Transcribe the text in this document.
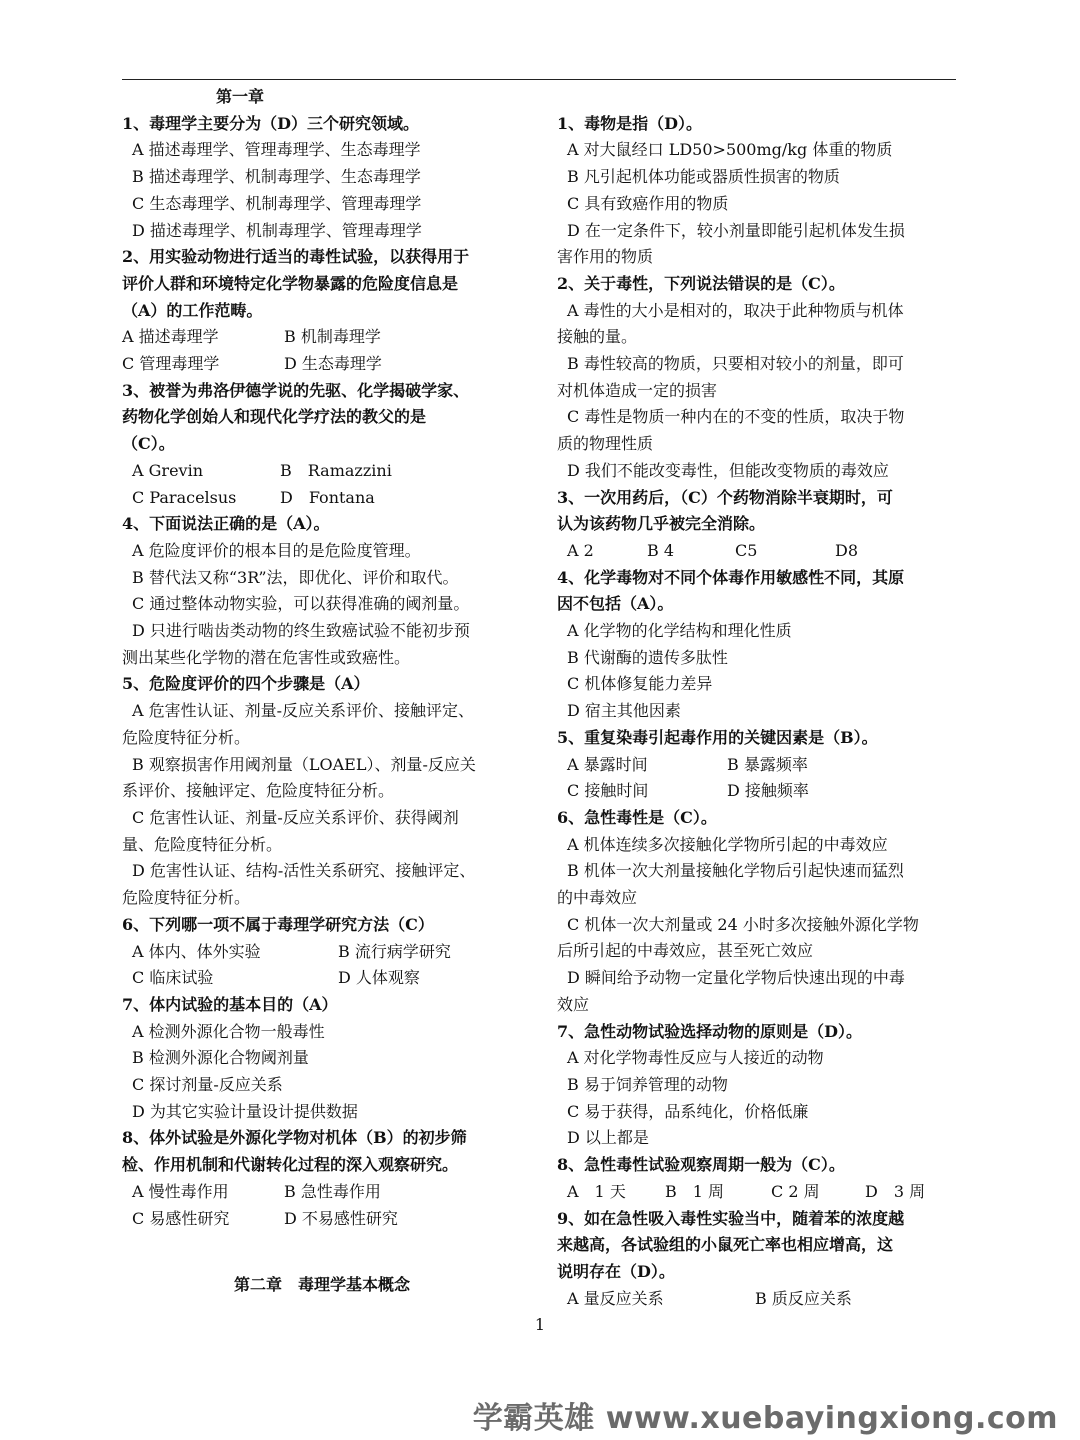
第一章
1、毒理学主要分为（D）三个研究领域。
A 描述毒理学、管理毒理学、生态毒理学
B 描述毒理学、机制毒理学、生态毒理学
C 生态毒理学、机制毒理学、管理毒理学
D 描述毒理学、机制毒理学、管理毒理学
2、用实验动物进行适当的毒性试验，以获得用于
评价人群和环境特定化学物暴露的危险度信息是
（A）的工作范畴。
A 描述毒理学	B 机制毒理学
C 管理毒理学	D 生态毒理学
3、被誉为弗洛伊德学说的先驱、化学揭破学家、
药物化学创始人和现代化学疗法的教父的是
（C）。
A Grevin	B　Ramazzini
C Paracelsus	D　Fontana
4、下面说法正确的是（A）。
A 危险度评价的根本目的是危险度管理。
B 替代法又称“3R”法，即优化、评价和取代。
C 通过整体动物实验，可以获得准确的阈剂量。
D 只进行啮齿类动物的终生致癌试验不能初步预
测出某些化学物的潜在危害性或致癌性。
5、危险度评价的四个步骤是（A）
A 危害性认证、剂量-反应关系评价、接触评定、
危险度特征分析。
B 观察损害作用阈剂量（LOAEL）、剂量-反应关
系评价、接触评定、危险度特征分析。
C 危害性认证、剂量-反应关系评价、获得阈剂
量、危险度特征分析。
D 危害性认证、结构-活性关系研究、接触评定、
危险度特征分析。
6、下列哪一项不属于毒理学研究方法（C）
A 体内、体外实验	B 流行病学研究
C 临床试验	D 人体观察
7、体内试验的基本目的（A）
A 检测外源化合物一般毒性
B 检测外源化合物阈剂量
C 探讨剂量-反应关系
D 为其它实验计量设计提供数据
8、体外试验是外源化学物对机体（B）的初步筛
检、作用机制和代谢转化过程的深入观察研究。
A 慢性毒作用	B 急性毒作用
C 易感性研究	D 不易感性研究
第二章　毒理学基本概念
1、毒物是指（D）。
A 对大鼠经口 LD50>500mg/kg 体重的物质
B 凡引起机体功能或器质性损害的物质
C 具有致癌作用的物质
D 在一定条件下，较小剂量即能引起机体发生损
害作用的物质
2、关于毒性，下列说法错误的是（C）。
A 毒性的大小是相对的，取决于此种物质与机体
接触的量。
B 毒性较高的物质，只要相对较小的剂量，即可
对机体造成一定的损害
C 毒性是物质一种内在的不变的性质，取决于物
质的物理性质
D 我们不能改变毒性，但能改变物质的毒效应
3、一次用药后，（C）个药物消除半衰期时，可
认为该药物几乎被完全消除。
A 2	B 4	C5	D8
4、化学毒物对不同个体毒作用敏感性不同，其原
因不包括（A）。
A 化学物的化学结构和理化性质
B 代谢酶的遗传多肽性
C 机体修复能力差异
D 宿主其他因素
5、重复染毒引起毒作用的关键因素是（B）。
A 暴露时间	B 暴露频率
C 接触时间	D 接触频率
6、急性毒性是（C）。
A 机体连续多次接触化学物所引起的中毒效应
B 机体一次大剂量接触化学物后引起快速而猛烈
的中毒效应
C 机体一次大剂量或 24 小时多次接触外源化学物
后所引起的中毒效应，甚至死亡效应
D 瞬间给予动物一定量化学物后快速出现的中毒
效应
7、急性动物试验选择动物的原则是（D）。
A 对化学物毒性反应与人接近的动物
B 易于饲养管理的动物
C 易于获得，品系纯化，价格低廉
D 以上都是
8、急性毒性试验观察周期一般为（C）。
A　1 天	B　1 周	C 2 周	D　3 周
9、如在急性吸入毒性实验当中，随着苯的浓度越
来越高，各试验组的小鼠死亡率也相应增高，这
说明存在（D）。
A 量反应关系	B 质反应关系
1
学霸英雄 www.xuebayingxiong.com
